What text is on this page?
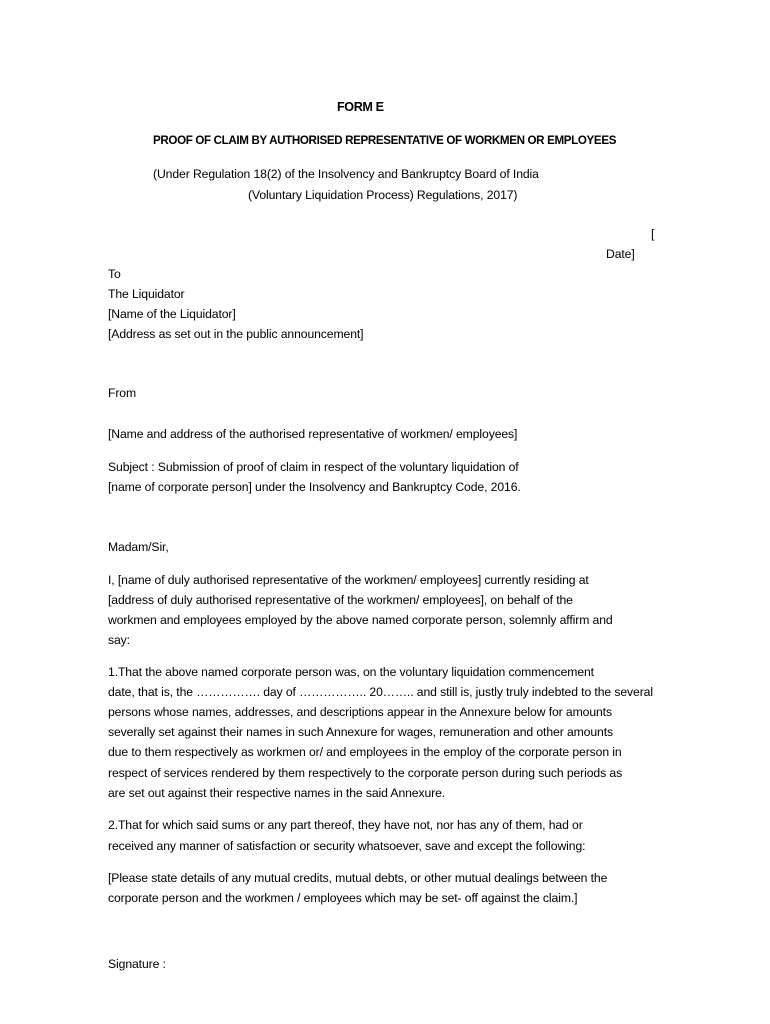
FORM E
PROOF OF CLAIM BY AUTHORISED REPRESENTATIVE OF WORKMEN OR EMPLOYEES
(Under Regulation 18(2) of the Insolvency and Bankruptcy Board of India
(Voluntary Liquidation Process) Regulations, 2017)
[
Date]
To
The Liquidator
[Name of the Liquidator]
[Address as set out in the public announcement]
From
[Name and address of the authorised representative of workmen/ employees]
Subject : Submission of proof of claim in respect of the voluntary liquidation of
[name of corporate person] under the Insolvency and Bankruptcy Code, 2016.
Madam/Sir,
I, [name of duly authorised representative of the workmen/ employees] currently residing at
[address of duly authorised representative of the workmen/ employees], on behalf of the
workmen and employees employed by the above named corporate person, solemnly affirm and
say:
1.That the above named corporate person was, on the voluntary liquidation commencement
date, that is, the ……………. day of …………….. 20…….. and still is, justly truly indebted to the several
persons whose names, addresses, and descriptions appear in the Annexure below for amounts
severally set against their names in such Annexure for wages, remuneration and other amounts
due to them respectively as workmen or/ and employees in the employ of the corporate person in
respect of services rendered by them respectively to the corporate person during such periods as
are set out against their respective names in the said Annexure.
2.That for which said sums or any part thereof, they have not, nor has any of them, had or
received any manner of satisfaction or security whatsoever, save and except the following:
[Please state details of any mutual credits, mutual debts, or other mutual dealings between the
corporate person and the workmen / employees which may be set- off against the claim.]
Signature :
